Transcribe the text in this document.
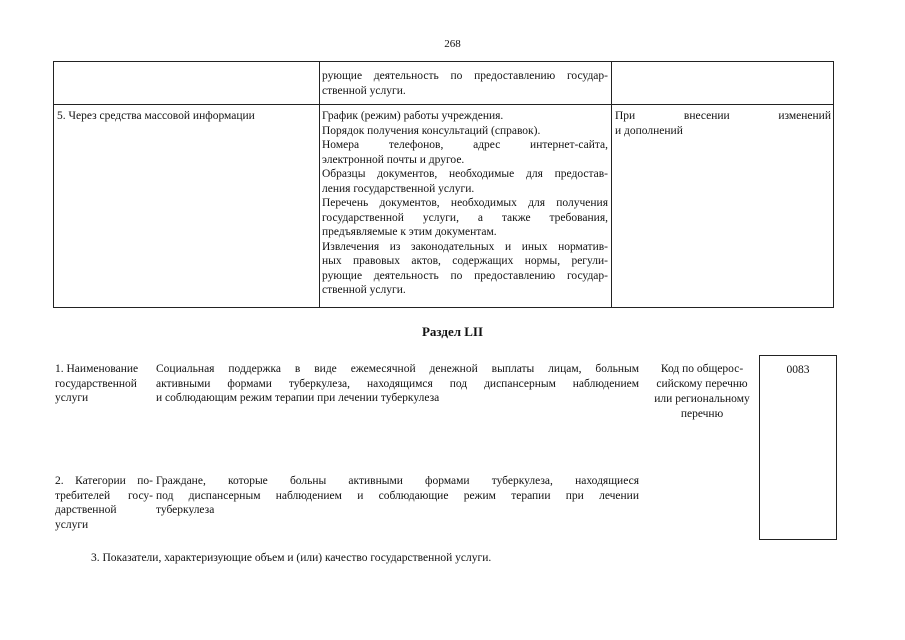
268
рующие деятельность по предоставлению государ-
ственной услуги.
5. Через средства массовой информации	График (режим) работы учреждения.
Порядок получения консультаций (справок).
Номера телефонов, адрес интернет-сайта,
электронной почты и другое.
Образцы документов, необходимые для предостав-
ления государственной услуги.
Перечень документов, необходимых для получения
государственной услуги, а также требования,
предъявляемые к этим документам.
Извлечения из законодательных и иных норматив-
ных правовых актов, содержащих нормы, регули-
рующие деятельность по предоставлению государ-
ственной услуги.
При внесении изменений
и дополнений
Раздел LII
1. Наименование
государственной
услуги
Социальная поддержка в виде ежемесячной денежной выплаты лицам, больным
активными формами туберкулеза, находящимся под диспансерным наблюдением
и соблюдающим режим терапии при лечении туберкулеза
Код по общерос-
сийскому перечню
или региональному
перечню
0083
2. Категории по-
требителей госу-
дарственной
услуги
Граждане, которые больны активными формами туберкулеза, находящиеся
под диспансерным наблюдением и соблюдающие режим терапии при лечении
туберкулеза
3. Показатели, характеризующие объем и (или) качество государственной услуги.
